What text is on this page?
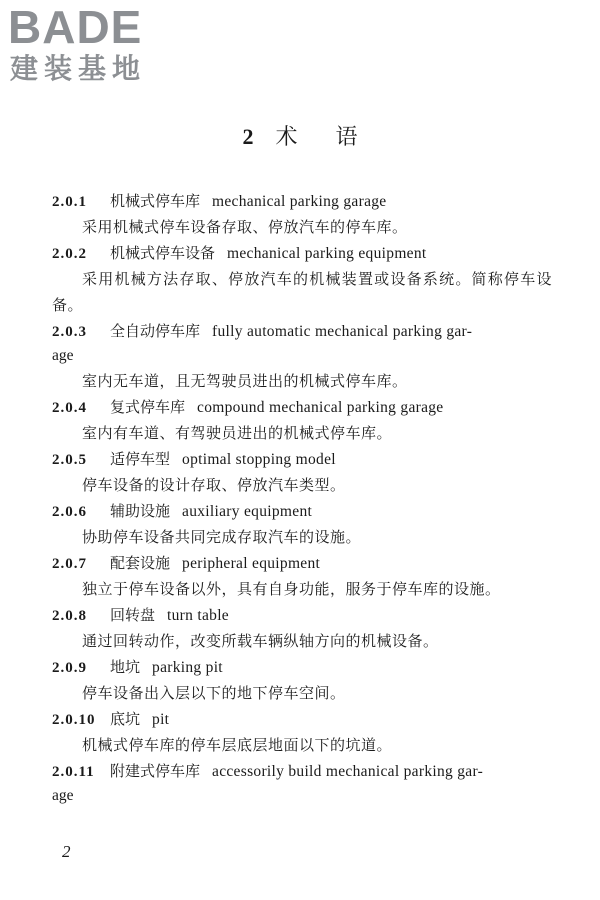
BADE
建装基地
2 术 语
2.0.1 机械式停车库 mechanical parking garage
采用机械式停车设备存取、停放汽车的停车库。
2.0.2 机械式停车设备 mechanical parking equipment
采用机械方法存取、停放汽车的机械装置或设备系统。简称停车设备。
2.0.3 全自动停车库 fully automatic mechanical parking gar-
age
室内无车道，且无驾驶员进出的机械式停车库。
2.0.4 复式停车库 compound mechanical parking garage
室内有车道、有驾驶员进出的机械式停车库。
2.0.5 适停车型 optimal stopping model
停车设备的设计存取、停放汽车类型。
2.0.6 辅助设施 auxiliary equipment
协助停车设备共同完成存取汽车的设施。
2.0.7 配套设施 peripheral equipment
独立于停车设备以外，具有自身功能，服务于停车库的设施。
2.0.8 回转盘 turn table
通过回转动作，改变所载车辆纵轴方向的机械设备。
2.0.9 地坑 parking pit
停车设备出入层以下的地下停车空间。
2.0.10 底坑 pit
机械式停车库的停车层底层地面以下的坑道。
2.0.11 附建式停车库 accessorily build mechanical parking gar-
age
2
